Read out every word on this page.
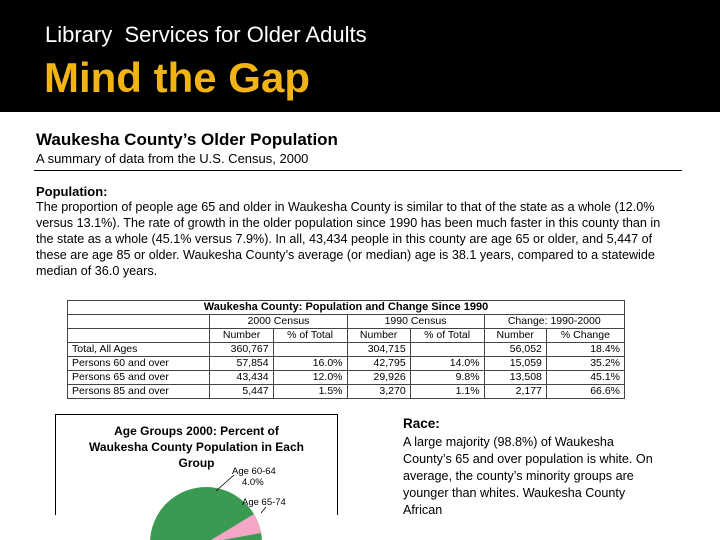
Library  Services for Older Adults
Mind the Gap
Waukesha County’s Older Population
A summary of data from the U.S. Census, 2000
Population:
The proportion of people age 65 and older in Waukesha County is similar to that of the state as a whole (12.0% versus 13.1%). The rate of growth in the older population since 1990 has been much faster in this county than in the state as a whole (45.1% versus 7.9%). In all, 43,434 people in this county are age 65 or older, and 5,447 of these are age 85 or older. Waukesha County’s average (or median) age is 38.1 years, compared to a statewide median of 36.0 years.
Waukesha County: Population and Change Since 1990						
	2000 Census		1990 Census		Change: 1990-2000	
	Number	% of Total	Number	% of Total	Number	% Change
Total, All Ages	360,767		304,715		56,052	18.4%
Persons 60 and over	57,854	16.0%	42,795	14.0%	15,059	35.2%
Persons 65 and over	43,434	12.0%	29,926	9.8%	13,508	45.1%
Persons 85 and over	5,447	1.5%	3,270	1.1%	2,177	66.6%
Age Groups 2000: Percent of
Waukesha County Population in Each
Group
Age 60-64
4.0%
Age 65-74
Race:
A large majority (98.8%) of Waukesha County’s 65 and over population is white. On average, the county’s minority groups are younger than whites. Waukesha County African
